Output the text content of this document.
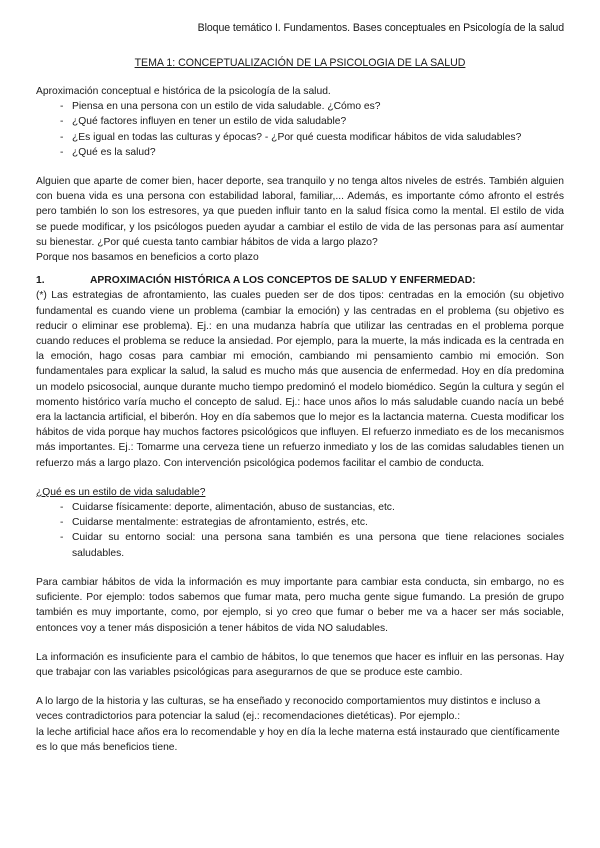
Bloque temático I. Fundamentos. Bases conceptuales en Psicología de la salud
TEMA 1: CONCEPTUALIZACIÓN DE LA PSICOLOGIA DE LA SALUD

Aproximación conceptual e histórica de la psicología de la salud.

- Piensa en una persona con un estilo de vida saludable. ¿Cómo es?
- ¿Qué factores influyen en tener un estilo de vida saludable?
- ¿Es igual en todas las culturas y épocas? - ¿Por qué cuesta modificar hábitos de vida saludables?
- ¿Qué es la salud?

Alguien que aparte de comer bien, hacer deporte, sea tranquilo y no tenga altos niveles de estrés. También alguien con buena vida es una persona con estabilidad laboral, familiar,... Además, es importante cómo afronto el estrés pero también lo son los estresores, ya que pueden influir tanto en la salud física como la mental. El estilo de vida se puede modificar, y los psicólogos pueden ayudar a cambiar el estilo de vida de las personas para así aumentar su bienestar. ¿Por qué cuesta tanto cambiar hábitos de vida a largo plazo?

Porque nos basamos en beneficios a corto plazo

1.	APROXIMACIÓN HISTÓRICA A LOS CONCEPTOS DE SALUD Y ENFERMEDAD:

(*) Las estrategias de afrontamiento, las cuales pueden ser de dos tipos: centradas en la emoción (su objetivo fundamental es cuando viene un problema (cambiar la emoción) y las centradas en el problema (su objetivo es reducir o eliminar ese problema). Ej.: en una mudanza habría que utilizar las centradas en el problema porque cuando reduces el problema se reduce la ansiedad. Por ejemplo, para la muerte, la más indicada es la centrada en la emoción, hago cosas para cambiar mi emoción, cambiando mi pensamiento cambio mi emoción. Son fundamentales para explicar la salud, la salud es mucho más que ausencia de enfermedad. Hoy en día predomina un modelo psicosocial, aunque durante mucho tiempo predominó el modelo biomédico. Según la cultura y según el momento histórico varía mucho el concepto de salud. Ej.: hace unos años lo más saludable cuando nacía un bebé era la lactancia artificial, el biberón. Hoy en día sabemos que lo mejor es la lactancia materna. Cuesta modificar los hábitos de vida porque hay muchos factores psicológicos que influyen. El refuerzo inmediato es de los mecanismos más importantes. Ej.: Tomarme una cerveza tiene un refuerzo inmediato y los de las comidas saludables tienen un refuerzo más a largo plazo. Con intervención psicológica podemos facilitar el cambio de conducta.

¿Qué es un estilo de vida saludable?

- Cuidarse físicamente: deporte, alimentación, abuso de sustancias, etc.
- Cuidarse mentalmente: estrategias de afrontamiento, estrés, etc.
- Cuidar su entorno social: una persona sana también es una persona que tiene relaciones sociales saludables.

Para cambiar hábitos de vida la información es muy importante para cambiar esta conducta, sin embargo, no es suficiente. Por ejemplo: todos sabemos que fumar mata, pero mucha gente sigue fumando. La presión de grupo también es muy importante, como, por ejemplo, si yo creo que fumar o beber me va a hacer ser más sociable, entonces voy a tener más disposición a tener hábitos de vida NO saludables.

La información es insuficiente para el cambio de hábitos, lo que tenemos que hacer es influir en las personas. Hay que trabajar con las variables psicológicas para asegurarnos de que se produce este cambio.

A lo largo de la historia y las culturas, se ha enseñado y reconocido comportamientos muy distintos e incluso a veces contradictorios para potenciar la salud (ej.: recomendaciones dietéticas). Por ejemplo.:

la leche artificial hace años era lo recomendable y hoy en día la leche materna está instaurado que científicamente es lo que más beneficios tiene.
